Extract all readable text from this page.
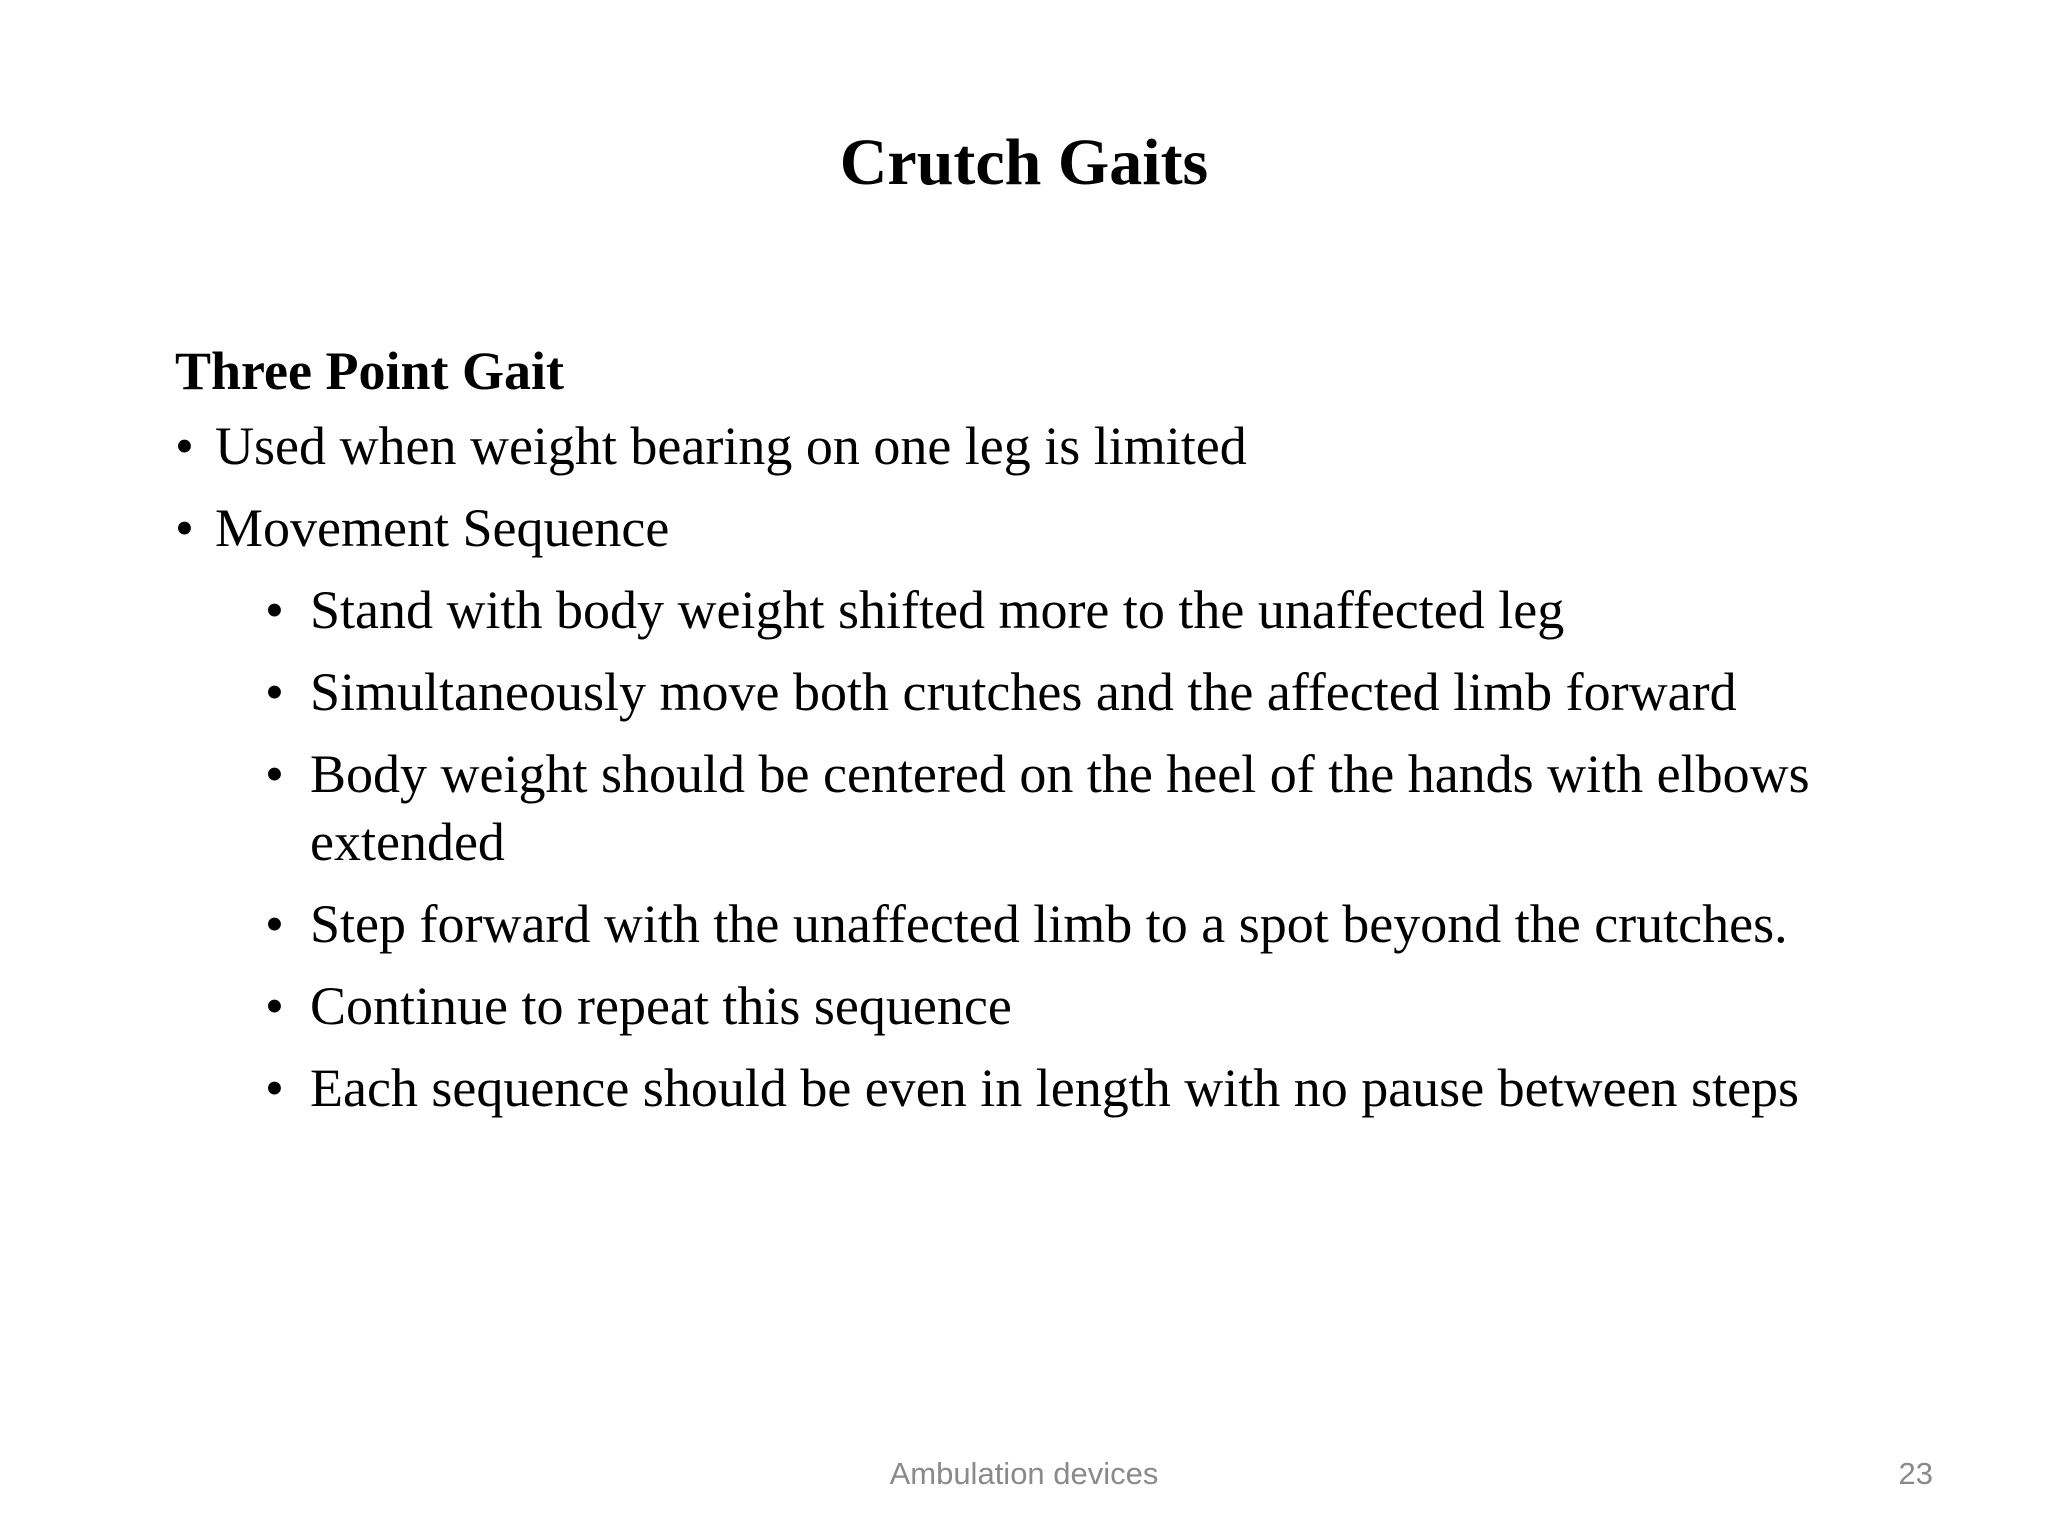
Crutch Gaits

Three Point Gait

• Used when weight bearing on one leg is limited
• Movement Sequence
• Stand with body weight shifted more to the unaffected leg
• Simultaneously move both crutches and the affected limb forward
• Body weight should be centered on the heel of the hands with elbows extended
• Step forward with the unaffected limb to a spot beyond the crutches.
• Continue to repeat this sequence
• Each sequence should be even in length with no pause between steps
Ambulation devices	23
